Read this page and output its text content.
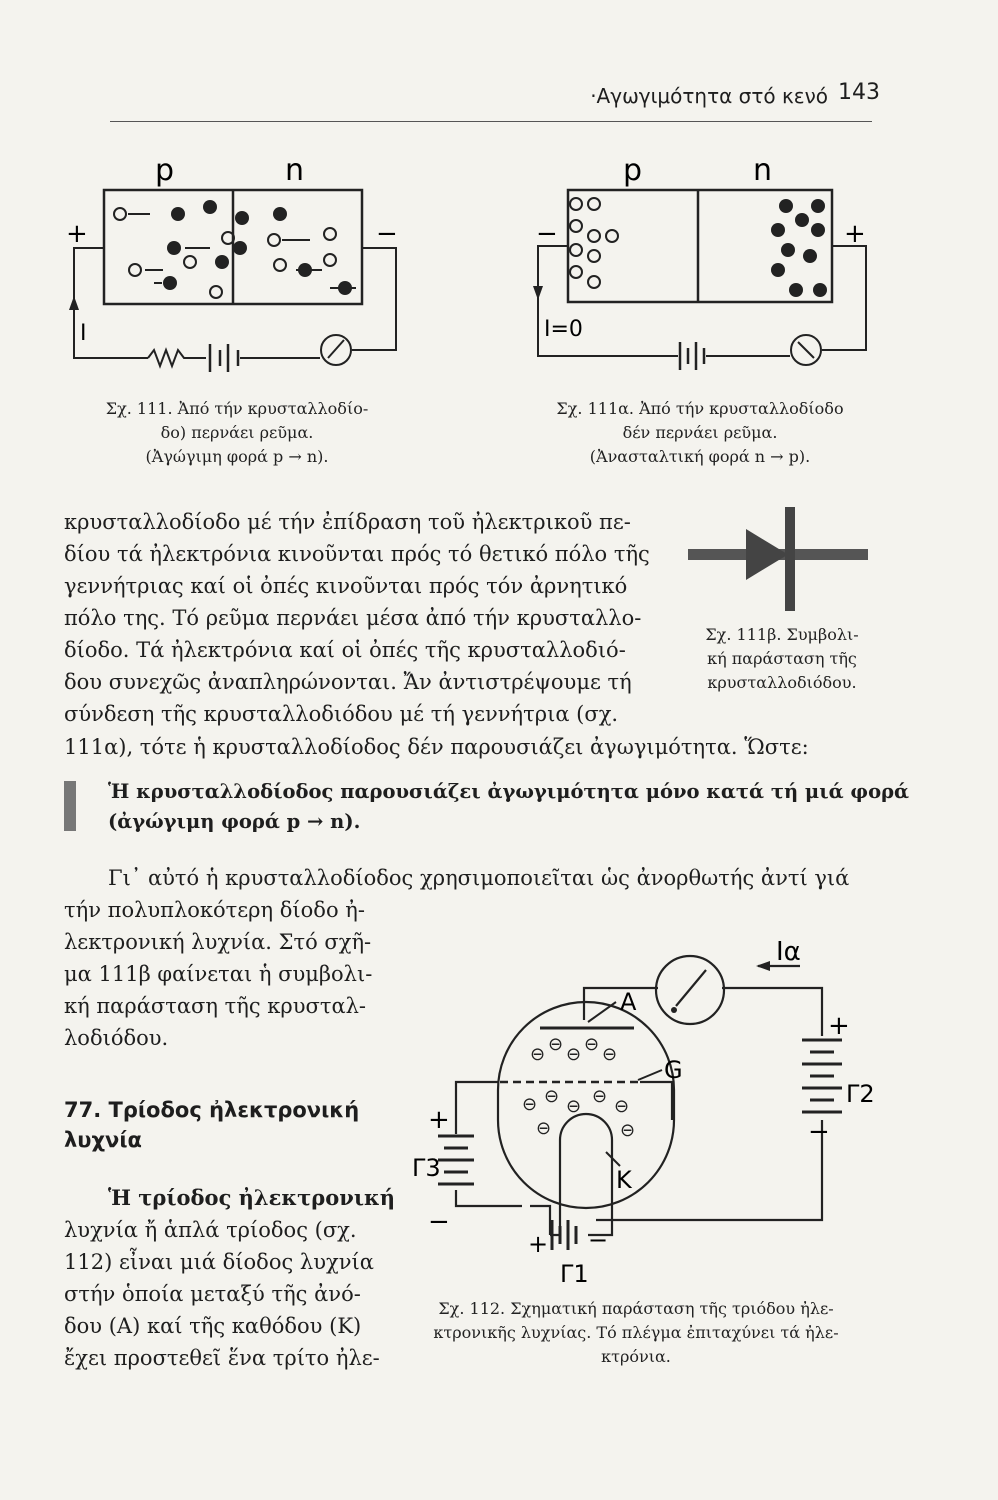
·Αγωγιμότητα στό κενό 143
p	n
+	−
I
Σχ. 111. Ἀπό τήν κρυσταλλοδίο-
δο) περνάει ρεῦμα.
(Ἀγώγιμη φορά p → n).
p	n
−	+
I=0
Σχ. 111α. Ἀπό τήν κρυσταλλοδίοδο
δέν περνάει ρεῦμα.
(Ἀνασταλτική φορά n → p).
κρυσταλλοδίοδο μέ τήν ἐπίδραση τοῦ ἠλεκτρικοῦ πε-
δίου τά ἠλεκτρόνια κινοῦνται πρός τό θετικό πόλο τῆς
γεννήτριας καί οἱ ὀπές κινοῦνται πρός τόν ἀρνητικό
πόλο της. Τό ρεῦμα περνάει μέσα ἀπό τήν κρυσταλλο-
δίοδο. Τά ἠλεκτρόνια καί οἱ ὀπές τῆς κρυσταλλοδιό-
δου συνεχῶς ἀναπληρώνονται. Ἄν ἀντιστρέψουμε τή
σύνδεση τῆς κρυσταλλοδιόδου μέ τή γεννήτρια (σχ.
111α), τότε ἡ κρυσταλλοδίοδος δέν παρουσιάζει ἀγωγιμότητα. Ὥστε:
Σχ. 111β. Συμβολι-
κή παράσταση τῆς
κρυσταλλοδιόδου.
Ἡ κρυσταλλοδίοδος παρουσιάζει ἀγωγιμότητα μόνο κατά τή μιά φορά
(ἀγώγιμη φορά p → n).
Γι᾽ αὐτό ἡ κρυσταλλοδίοδος χρησιμοποιεῖται ὡς ἀνορθωτής ἀντί γιά
τήν πολυπλοκότερη δίοδο ἠ-
λεκτρονική λυχνία. Στό σχῆ-
μα 111β φαίνεται ἡ συμβολι-
κή παράσταση τῆς κρυσταλ-
λοδιόδου.
77. Τρίοδος ἠλεκτρονική
λυχνία
Ἡ τρίοδος ἠλεκτρονική
λυχνία ἤ ἁπλά τρίοδος (σχ.
112) εἶναι μιά δίοδος λυχνία
στήν ὁποία μεταξύ τῆς ἀνό-
δου (Α) καί τῆς καθόδου (Κ)
ἔχει προστεθεῖ ἕνα τρίτο ἠλε-
Iα
A
G
K
⊖ ⊖ ⊖ ⊖ ⊖
⊖ ⊖ ⊖ ⊖ ⊖
⊖	⊖
+
−
Γ2
+
−
Γ3
+ −
Γ1
Σχ. 112. Σχηματική παράσταση τῆς τριόδου ἠλε-
κτρονικῆς λυχνίας. Τό πλέγμα ἐπιταχύνει τά ἠλε-
κτρόνια.
